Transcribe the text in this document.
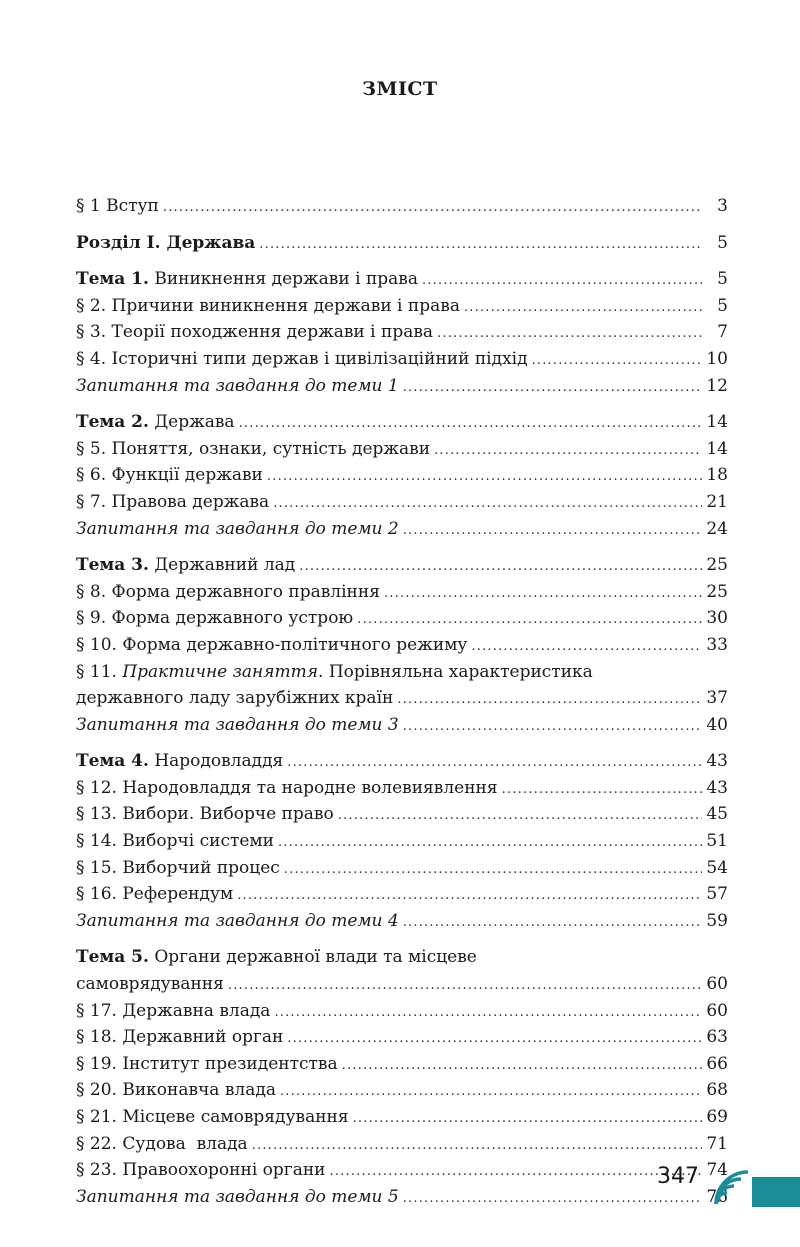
ЗМІСТ
§ 1 Вступ .....	3
Розділ І. Держава .....	5
Тема 1. Виникнення держави і права .....	5
§ 2. Причини виникнення держави і права .....	5
§ 3. Теорії походження держави і права .....	7
§ 4. Історичні типи держав і цивілізаційний підхід .....	10
Запитання та завдання до теми 1 .....	12
Тема 2. Держава .....	14
§ 5. Поняття, ознаки, сутність держави .....	14
§ 6. Функції держави .....	18
§ 7. Правова держава .....	21
Запитання та завдання до теми 2 .....	24
Тема 3. Державний лад .....	25
§ 8. Форма державного правління .....	25
§ 9. Форма державного устрою .....	30
§ 10. Форма державно-політичного режиму .....	33
§ 11. Практичне заняття. Порівняльна характеристика
державного ладу зарубіжних країн .....	37
Запитання та завдання до теми 3 .....	40
Тема 4. Народовладдя .....	43
§ 12. Народовладдя та народне волевиявлення .....	43
§ 13. Вибори. Виборче право .....	45
§ 14. Виборчі системи .....	51
§ 15. Виборчий процес .....	54
§ 16. Референдум .....	57
Запитання та завдання до теми 4 .....	59
Тема 5. Органи державної влади та місцеве
самоврядування .....	60
§ 17. Державна влада .....	60
§ 18. Державний орган .....	63
§ 19. Інститут президентства .....	66
§ 20. Виконавча влада .....	68
§ 21. Місцеве самоврядування .....	69
§ 22. Судова  влада .....	71
§ 23. Правоохоронні органи .....	74
Запитання та завдання до теми 5 .....	76
347
